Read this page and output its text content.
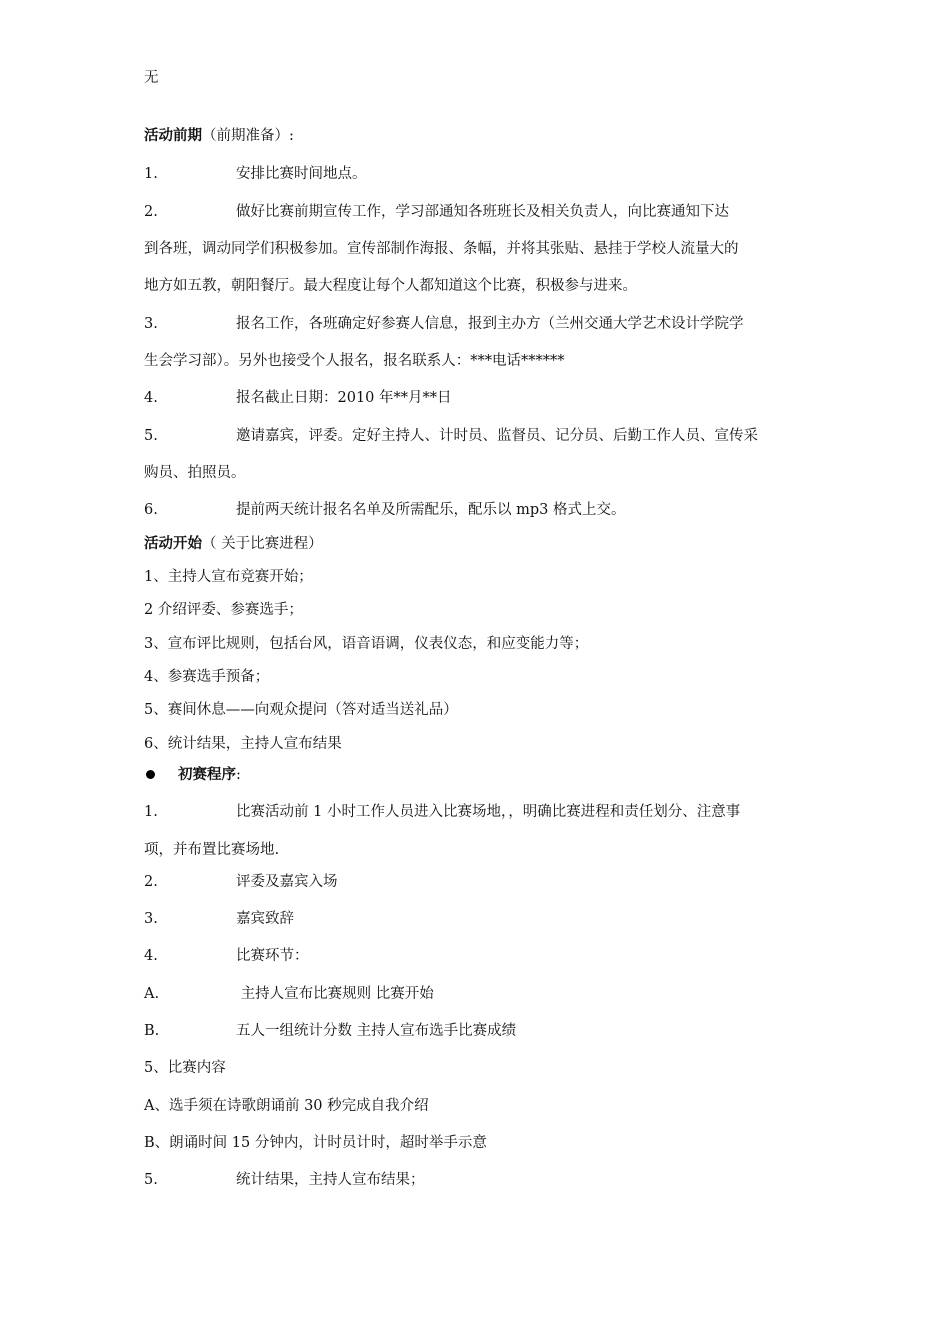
无
活动前期（前期准备）:
1.	安排比赛时间地点。
2.	做好比赛前期宣传工作，学习部通知各班班长及相关负责人，向比赛通知下达
到各班，调动同学们积极参加。宣传部制作海报、条幅，并将其张贴、悬挂于学校人流量大的
地方如五教，朝阳餐厅。最大程度让每个人都知道这个比赛，积极参与进来。
3.	报名工作，各班确定好参赛人信息，报到主办方（兰州交通大学艺术设计学院学
生会学习部）。另外也接受个人报名，报名联系人：***电话******
4.	报名截止日期：2010 年**月**日
5.	邀请嘉宾，评委。定好主持人、计时员、监督员、记分员、后勤工作人员、宣传采
购员、拍照员。
6.	提前两天统计报名名单及所需配乐，配乐以 mp3 格式上交。
活动开始（ 关于比赛进程）
1、主持人宣布竞赛开始；
2 介绍评委、参赛选手；
3、宣布评比规则，包括台风，语音语调，仪表仪态，和应变能力等；
4、参赛选手预备；
5、赛间休息——向观众提问（答对适当送礼品）
6、统计结果，主持人宣布结果
初赛程序:
1.	比赛活动前 1 小时工作人员进入比赛场地，，明确比赛进程和责任划分、注意事
项，并布置比赛场地.
2.	评委及嘉宾入场
3.	嘉宾致辞
4.	比赛环节：
A.	主持人宣布比赛规则 比赛开始
B.	五人一组统计分数 主持人宣布选手比赛成绩
5、比赛内容
A、选手须在诗歌朗诵前 30 秒完成自我介绍
B、朗诵时间 15 分钟内，计时员计时，超时举手示意
5.	统计结果，主持人宣布结果；
